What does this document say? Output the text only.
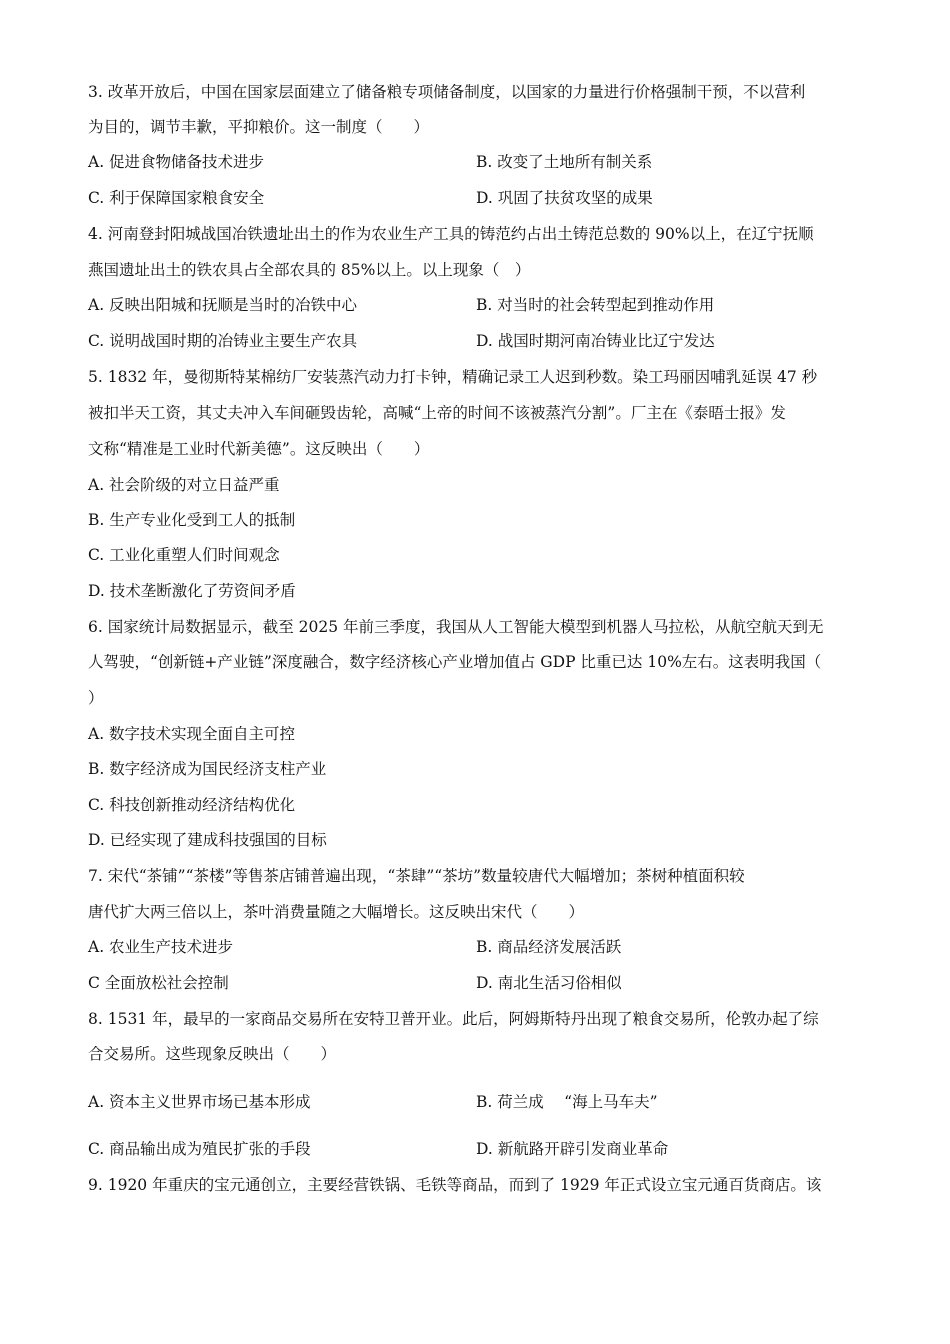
3. 改革开放后，中国在国家层面建立了储备粮专项储备制度，以国家的力量进行价格强制干预，不以营利
为目的，调节丰歉，平抑粮价。这一制度（　　）
A. 促进食物储备技术进步	B. 改变了土地所有制关系
C. 利于保障国家粮食安全	D. 巩固了扶贫攻坚的成果
4. 河南登封阳城战国冶铁遗址出土的作为农业生产工具的铸范约占出土铸范总数的 90%以上，在辽宁抚顺
燕国遗址出土的铁农具占全部农具的 85%以上。以上现象（　）
A. 反映出阳城和抚顺是当时的冶铁中心	B. 对当时的社会转型起到推动作用
C. 说明战国时期的冶铸业主要生产农具	D. 战国时期河南冶铸业比辽宁发达
5. 1832 年，曼彻斯特某棉纺厂安装蒸汽动力打卡钟，精确记录工人迟到秒数。染工玛丽因哺乳延误 47 秒
被扣半天工资，其丈夫冲入车间砸毁齿轮，高喊“上帝的时间不该被蒸汽分割”。厂主在《泰晤士报》发
文称“精准是工业时代新美德”。这反映出（　　）
A. 社会阶级的对立日益严重
B. 生产专业化受到工人的抵制
C. 工业化重塑人们时间观念
D. 技术垄断激化了劳资间矛盾
6. 国家统计局数据显示，截至 2025 年前三季度，我国从人工智能大模型到机器人马拉松，从航空航天到无
人驾驶，“创新链+产业链”深度融合，数字经济核心产业增加值占 GDP 比重已达 10%左右。这表明我国（
）
A. 数字技术实现全面自主可控
B. 数字经济成为国民经济支柱产业
C. 科技创新推动经济结构优化
D. 已经实现了建成科技强国的目标
7. 宋代“茶铺”“茶楼”等售茶店铺普遍出现，“茶肆”“茶坊”数量较唐代大幅增加；茶树种植面积较
唐代扩大两三倍以上，茶叶消费量随之大幅增长。这反映出宋代（　　）
A. 农业生产技术进步	B. 商品经济发展活跃
C 全面放松社会控制	D. 南北生活习俗相似
8. 1531 年，最早的一家商品交易所在安特卫普开业。此后，阿姆斯特丹出现了粮食交易所，伦敦办起了综
合交易所。这些现象反映出（　　）
A. 资本主义世界市场已基本形成	B. 荷兰成　 “海上马车夫”
C. 商品输出成为殖民扩张的手段	D. 新航路开辟引发商业革命
9. 1920 年重庆的宝元通创立，主要经营铁锅、毛铁等商品，而到了 1929 年正式设立宝元通百货商店。该
